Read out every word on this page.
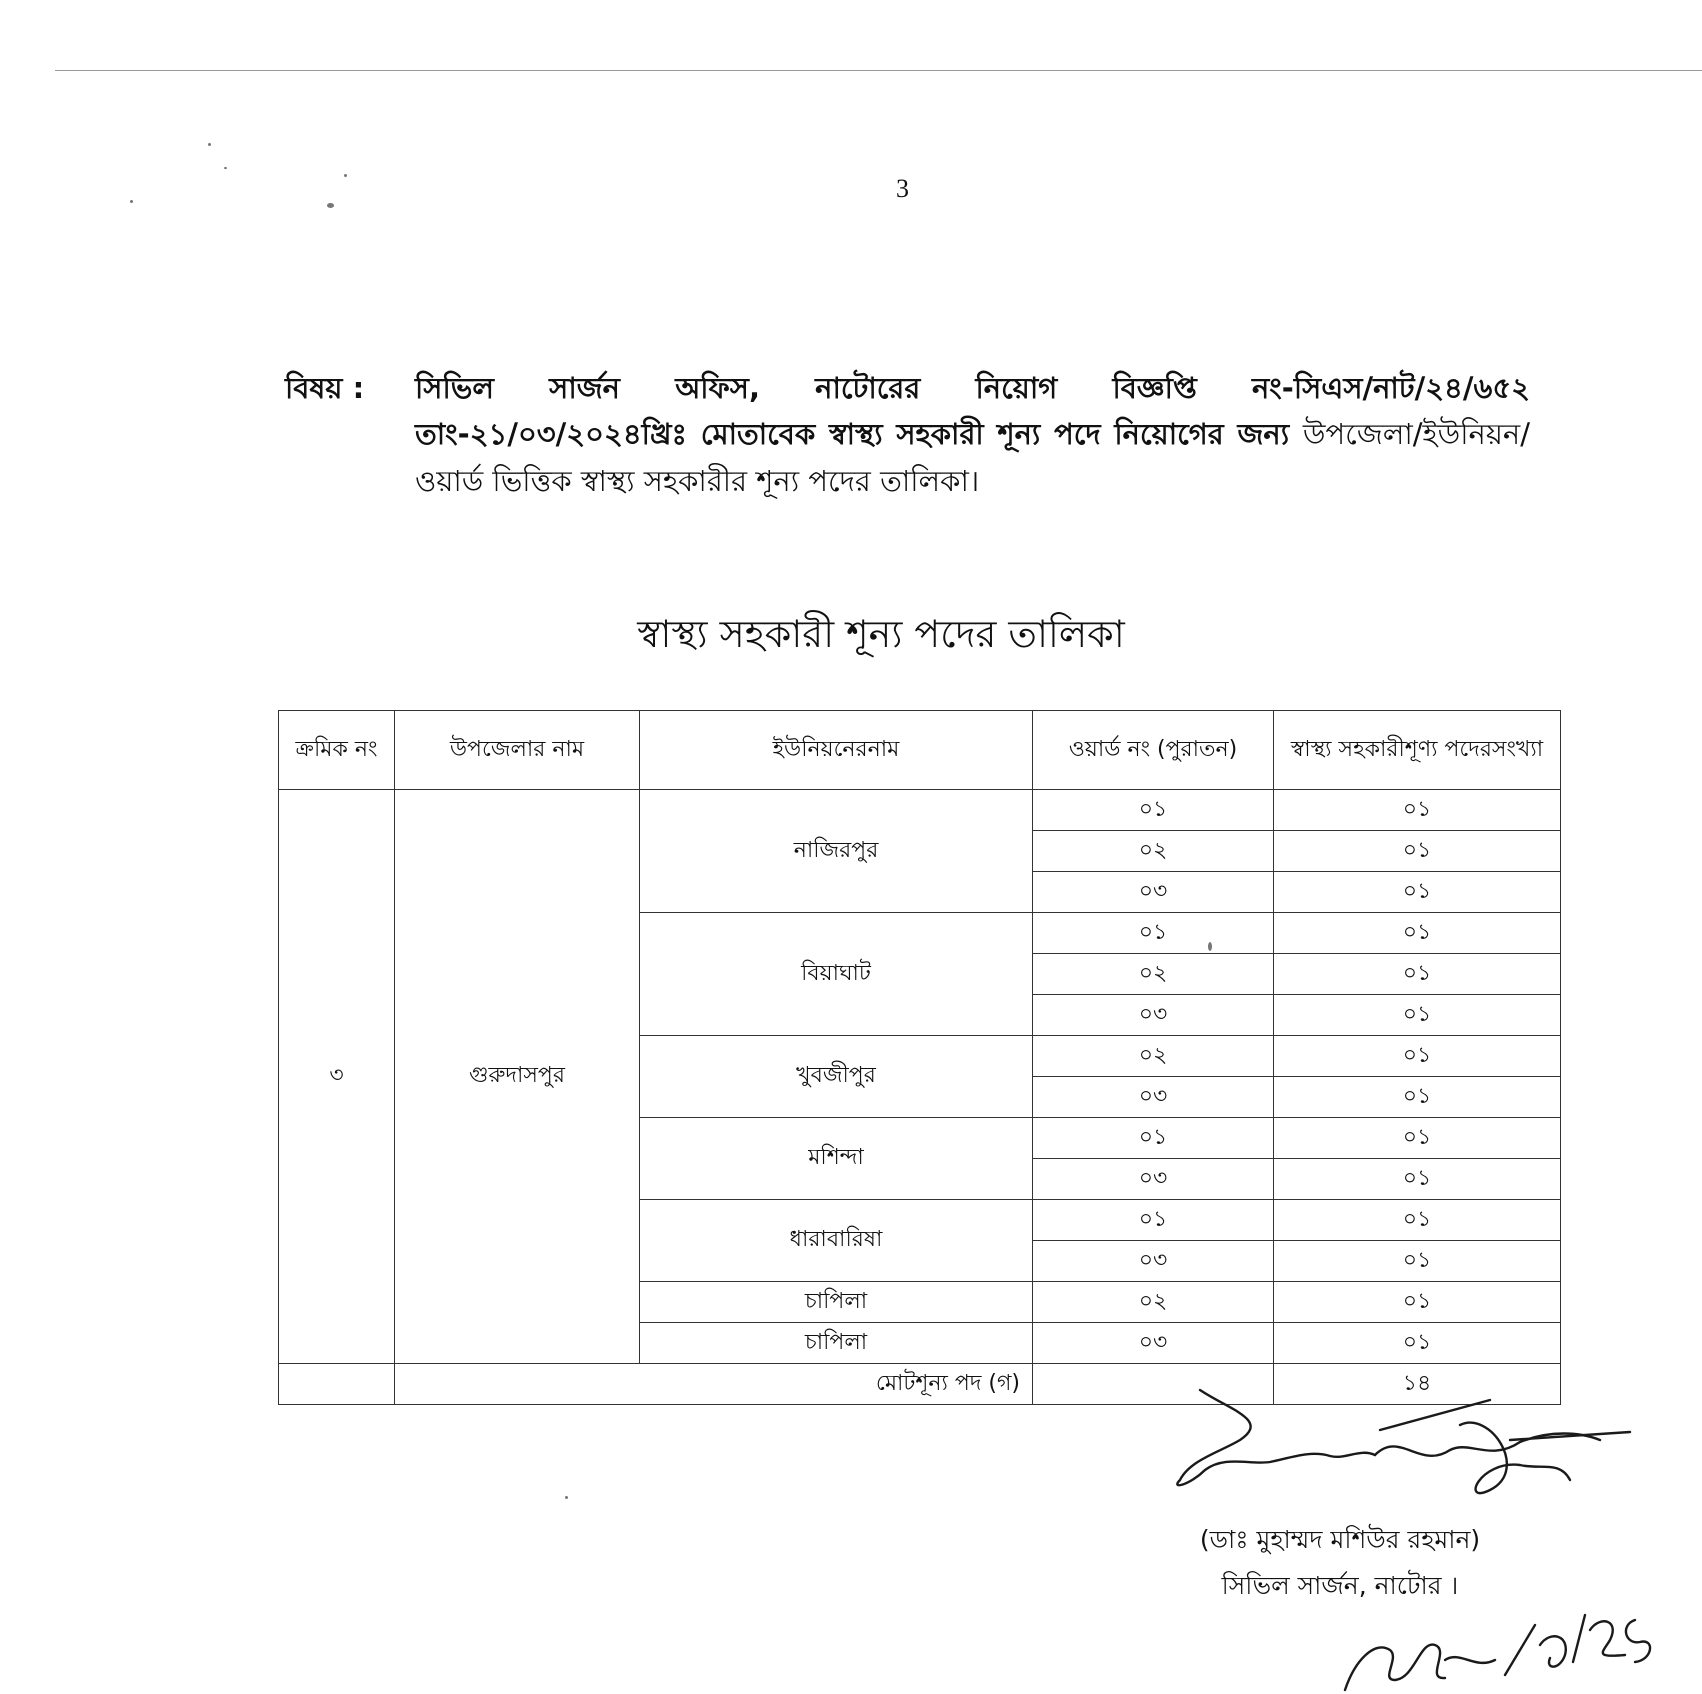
3
বিষয় : সিভিল সার্জন অফিস, নাটোরের নিয়োগ বিজ্ঞপ্তি নং-সিএস/নাট/২৪/৬৫২ তাং-২১/০৩/২০২৪খ্রিঃ মোতাবেক স্বাস্থ্য সহকারী শূন্য পদে নিয়োগের জন্য উপজেলা/ইউনিয়ন/ওয়ার্ড ভিত্তিক স্বাস্থ্য সহকারীর শূন্য পদের তালিকা।
স্বাস্থ্য সহকারী শূন্য পদের তালিকা
ক্রমিক নং	উপজেলার নাম	ইউনিয়নেরনাম	ওয়ার্ড নং (পুরাতন)	স্বাস্থ্য সহকারীশূণ্য পদেরসংখ্যা
৩	গুরুদাসপুর	নাজিরপুর	০১	০১
			০২	০১
			০৩	০১
		বিয়াঘাট	০১	০১
			০২	০১
			০৩	০১
		খুবজীপুর	০২	০১
			০৩	০১
		মশিন্দা	০১	০১
			০৩	০১
		ধারাবারিষা	০১	০১
			০৩	০১
		চাপিলা	০২	০১
		চাপিলা	০৩	০১
	মোটশূন্য পদ (গ)			১৪
(ডাঃ মুহাম্মদ মশিউর রহমান)
সিভিল সার্জন, নাটোর ।
